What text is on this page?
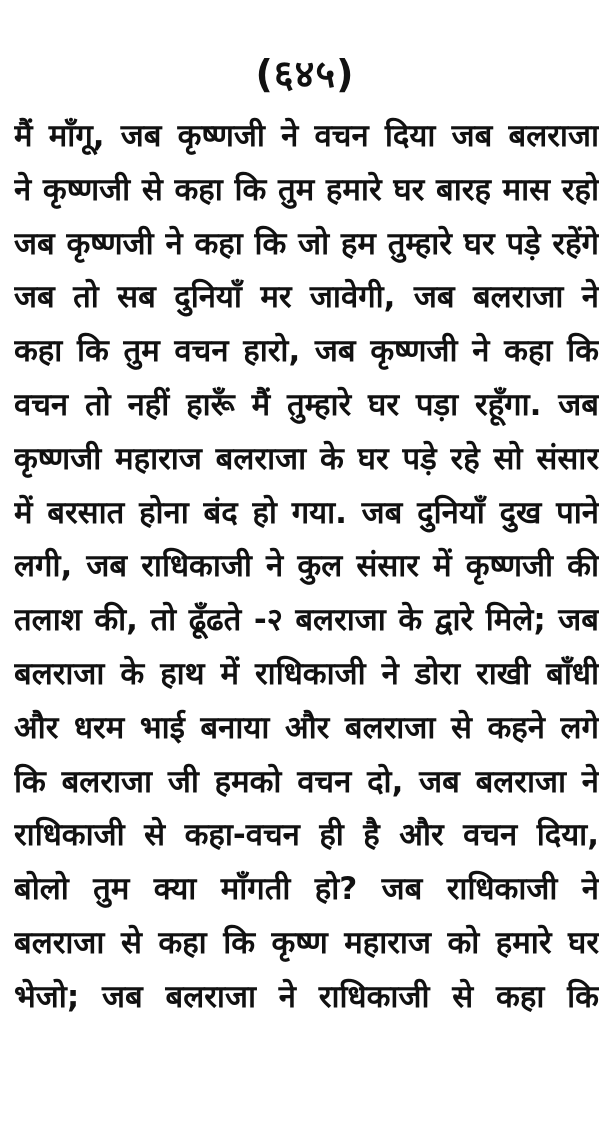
(६४५)
मैं माँगू, जब कृष्णजी ने वचन दिया जब बलराजा
ने कृष्णजी से कहा कि तुम हमारे घर बारह मास रहो
जब कृष्णजी ने कहा कि जो हम तुम्हारे घर पड़े रहेंगे
जब तो सब दुनियाँ मर जावेगी, जब बलराजा ने
कहा कि तुम वचन हारो, जब कृष्णजी ने कहा कि
वचन तो नहीं हारूँ मैं तुम्हारे घर पड़ा रहूँगा. जब
कृष्णजी महाराज बलराजा के घर पड़े रहे सो संसार
में बरसात होना बंद हो गया. जब दुनियाँ दुख पाने
लगी, जब राधिकाजी ने कुल संसार में कृष्णजी की
तलाश की, तो ढूँढते -२ बलराजा के द्वारे मिले; जब
बलराजा के हाथ में राधिकाजी ने डोरा राखी बाँधी
और धरम भाई बनाया और बलराजा से कहने लगे
कि बलराजा जी हमको वचन दो, जब बलराजा ने
राधिकाजी से कहा-वचन ही है और वचन दिया,
बोलो तुम क्या माँगती हो? जब राधिकाजी ने
बलराजा से कहा कि कृष्ण महाराज को हमारे घर
भेजो; जब बलराजा ने राधिकाजी से कहा कि
